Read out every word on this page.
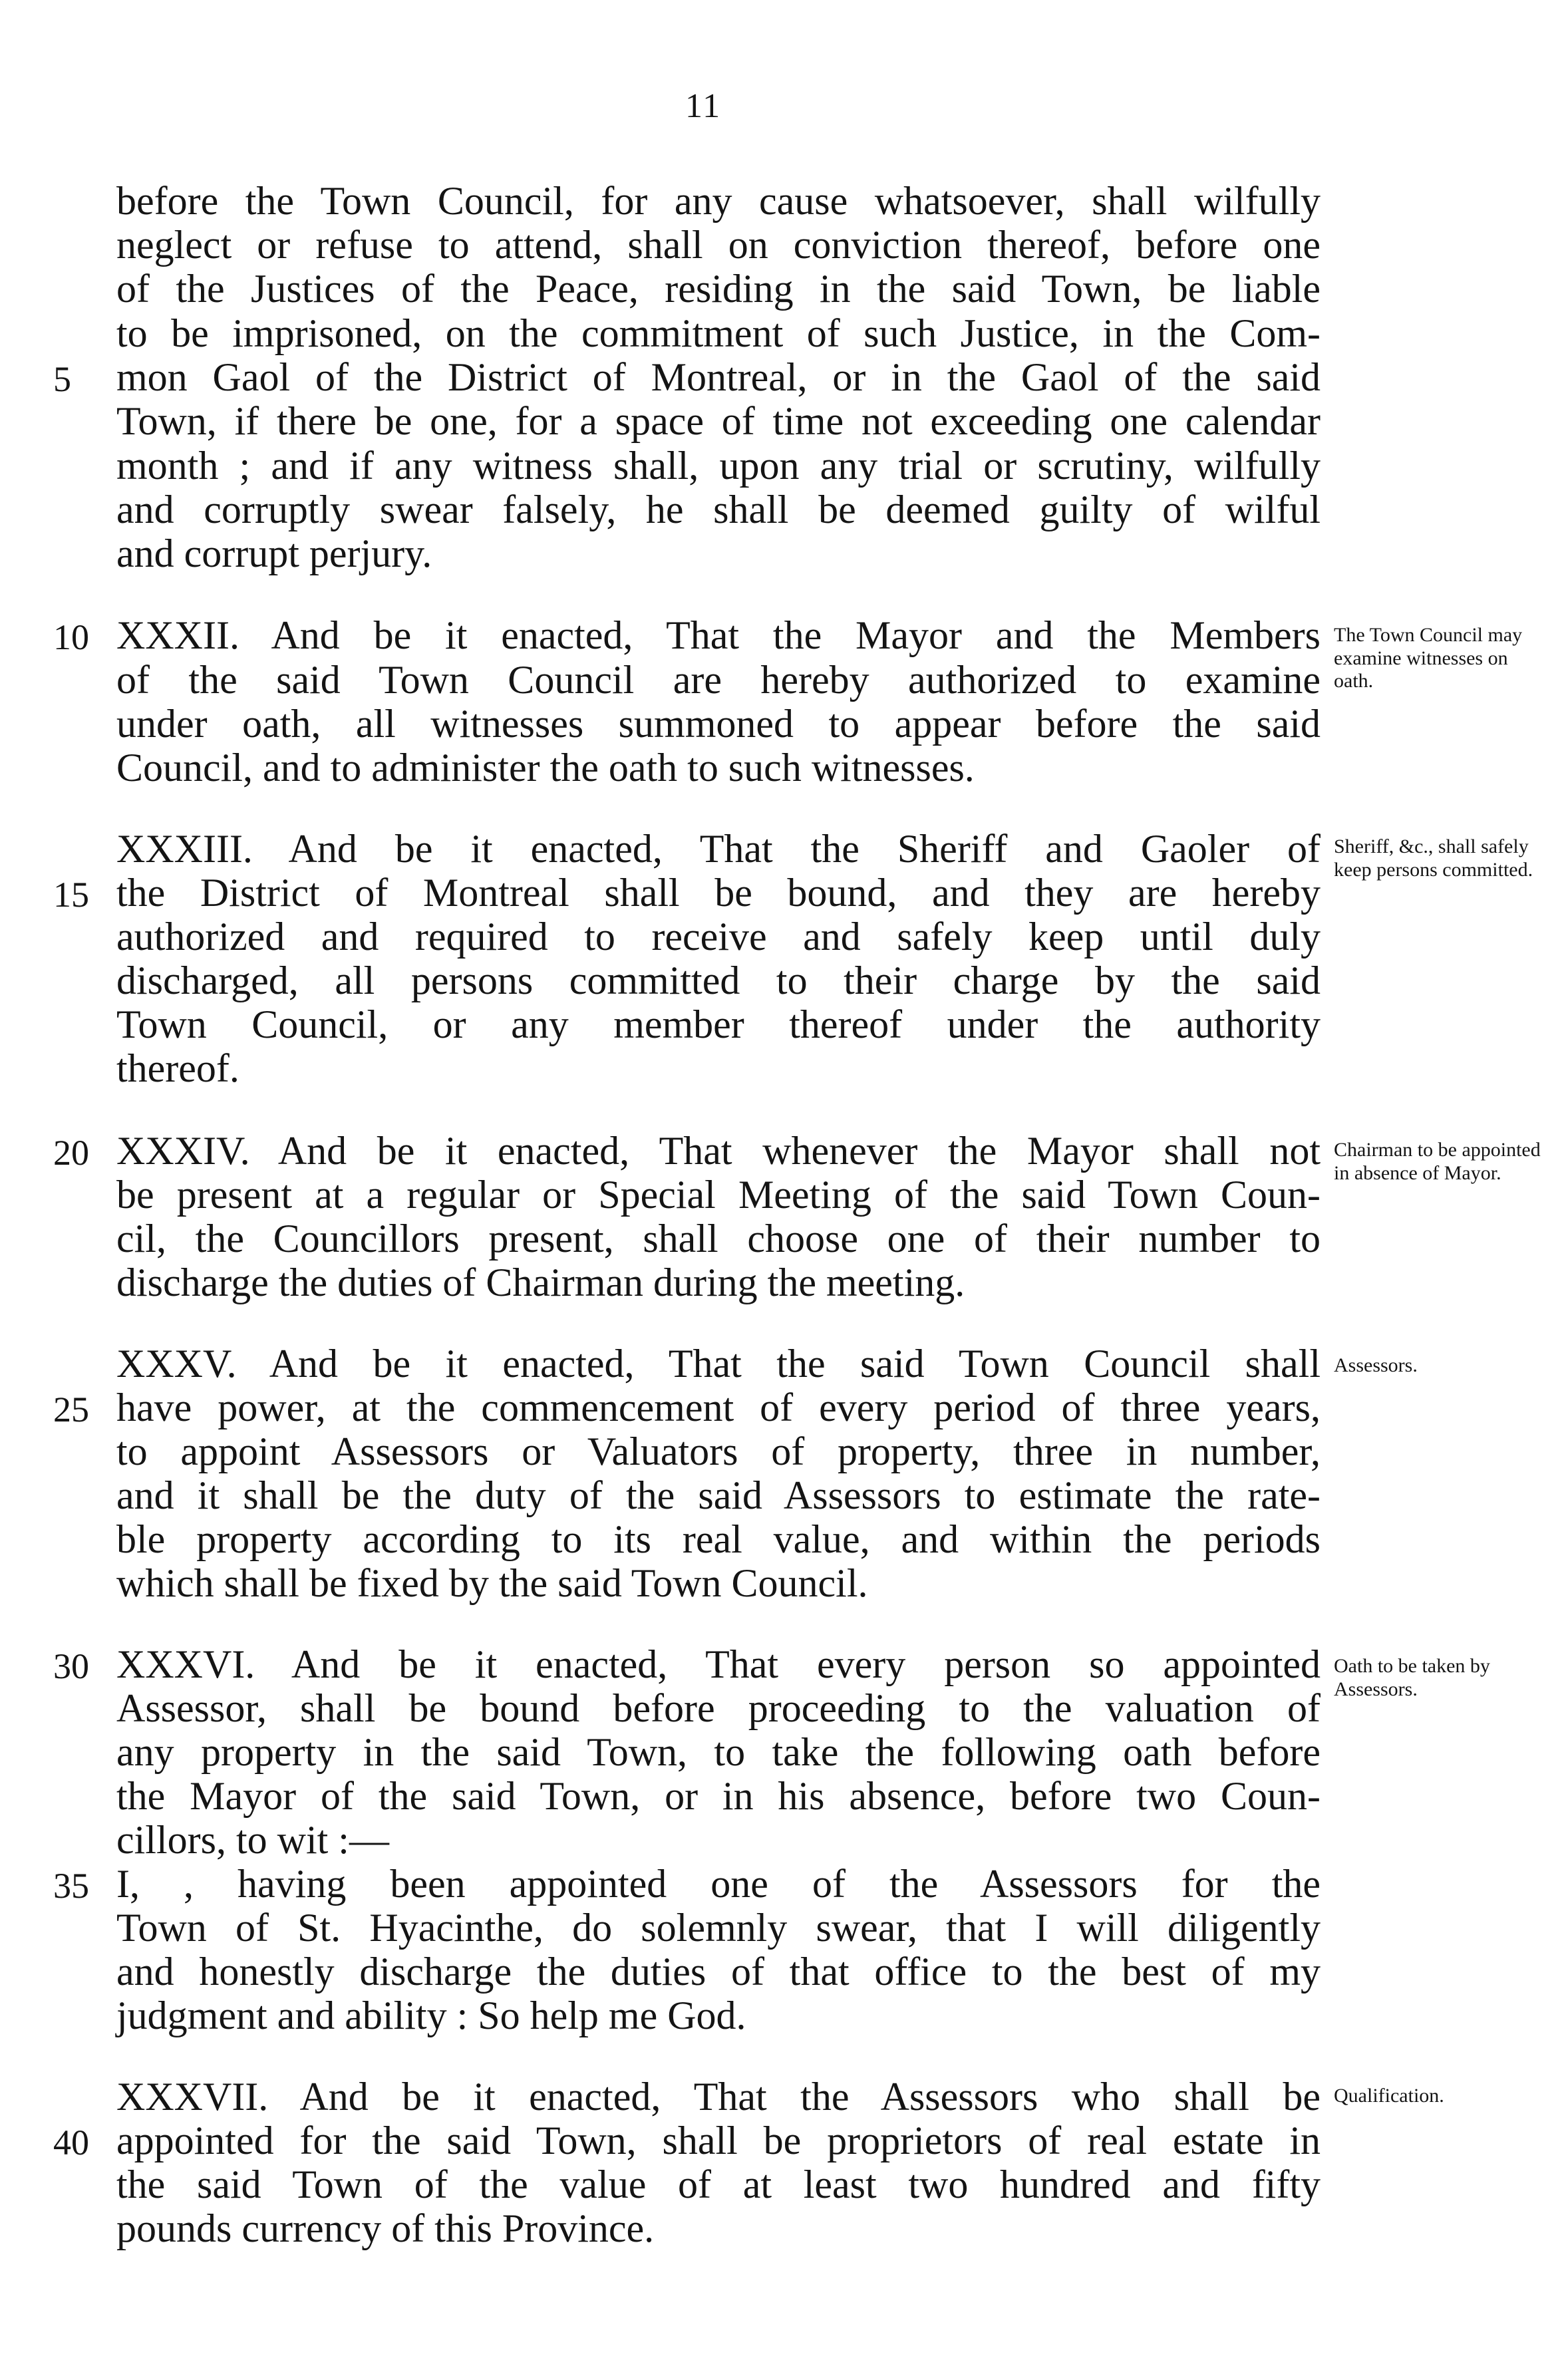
11
before the Town Council, for any cause whatsoever, shall wilfully
neglect or refuse to attend, shall on conviction thereof, before one
of the Justices of the Peace, residing in the said Town, be liable
to be imprisoned, on the commitment of such Justice, in the Com-
5	mon Gaol of the District of Montreal, or in the Gaol of the said
Town, if there be one, for a space of time not exceeding one calendar
month ; and if any witness shall, upon any trial or scrutiny, wilfully
and corruptly swear falsely, he shall be deemed guilty of wilful
and corrupt perjury.
10 XXXII. And be it enacted, That the Mayor and the Members
of the said Town Council are hereby authorized to examine
under oath, all witnesses summoned to appear before the said
Council, and to administer the oath to such witnesses.
XXXIII. And be it enacted, That the Sheriff and Gaoler of
15 the District of Montreal shall be bound, and they are hereby
authorized and required to receive and safely keep until duly
discharged, all persons committed to their charge by the said
Town Council, or any member thereof under the authority
thereof.
20 XXXIV. And be it enacted, That whenever the Mayor shall not
be present at a regular or Special Meeting of the said Town Coun-
cil, the Councillors present, shall choose one of their number to
discharge the duties of Chairman during the meeting.
XXXV. And be it enacted, That the said Town Council shall
25 have power, at the commencement of every period of three years,
to appoint Assessors or Valuators of property, three in number,
and it shall be the duty of the said Assessors to estimate the rate-
ble property according to its real value, and within the periods
which shall be fixed by the said Town Council.
30 XXXVI. And be it enacted, That every person so appointed
Assessor, shall be bound before proceeding to the valuation of
any property in the said Town, to take the following oath before
the Mayor of the said Town, or in his absence, before two Coun-
cillors, to wit :—
35 I, , having been appointed one of the Assessors for the
Town of St. Hyacinthe, do solemnly swear, that I will diligently
and honestly discharge the duties of that office to the best of my
judgment and ability : So help me God.
XXXVII. And be it enacted, That the Assessors who shall be
40 appointed for the said Town, shall be proprietors of real estate in
the said Town of the value of at least two hundred and fifty
pounds currency of this Province.
The Town Council may examine witnesses on oath.
Sheriff, &c., shall safely keep persons committed.
Chairman to be appointed in absence of Mayor.
Assessors.
Oath to be taken by Assessors.
Qualification.
